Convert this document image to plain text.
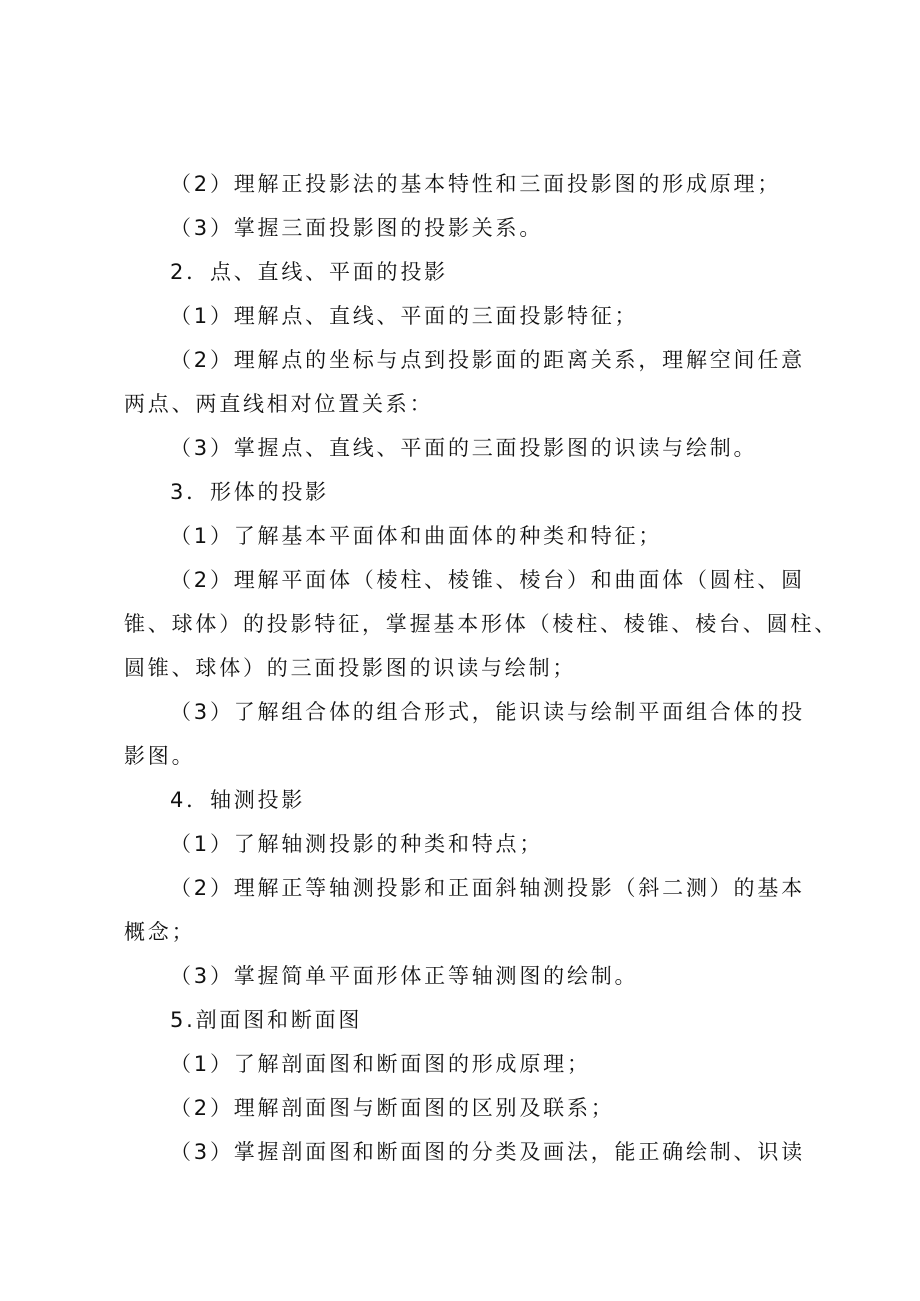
（2）理解正投影法的基本特性和三面投影图的形成原理；
（3）掌握三面投影图的投影关系。
2．点、直线、平面的投影
（1）理解点、直线、平面的三面投影特征；
（2）理解点的坐标与点到投影面的距离关系，理解空间任意
两点、两直线相对位置关系：
（3）掌握点、直线、平面的三面投影图的识读与绘制。
3．形体的投影
（1）了解基本平面体和曲面体的种类和特征；
（2）理解平面体（棱柱、棱锥、棱台）和曲面体（圆柱、圆
锥、球体）的投影特征，掌握基本形体（棱柱、棱锥、棱台、圆柱、
圆锥、球体）的三面投影图的识读与绘制；
（3）了解组合体的组合形式，能识读与绘制平面组合体的投
影图。
4．轴测投影
（1）了解轴测投影的种类和特点；
（2）理解正等轴测投影和正面斜轴测投影（斜二测）的基本
概念；
（3）掌握简单平面形体正等轴测图的绘制。
5.剖面图和断面图
（1）了解剖面图和断面图的形成原理；
（2）理解剖面图与断面图的区别及联系；
（3）掌握剖面图和断面图的分类及画法，能正确绘制、识读
